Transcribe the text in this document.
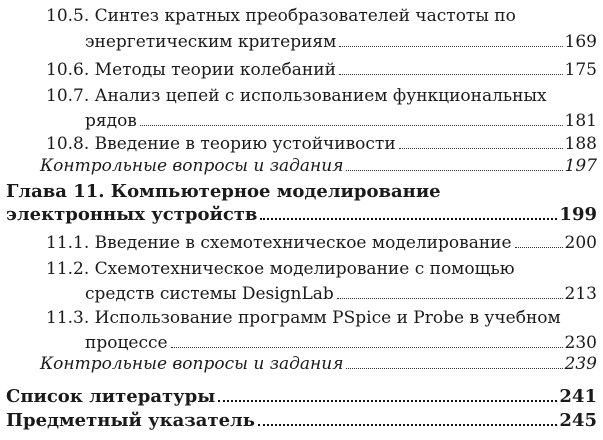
10.5. Синтез кратных преобразователей частоты по
энергетическим критериям	169
10.6. Методы теории колебаний	175
10.7. Анализ цепей с использованием функциональных
рядов	181
10.8. Введение в теорию устойчивости	188
Контрольные вопросы и задания	197
Глава 11. Компьютерное моделирование
электронных устройств	199
11.1. Введение в схемотехническое моделирование	200
11.2. Схемотехническое моделирование с помощью
средств системы DesignLab	213
11.3. Использование программ PSpice и Probe в учебном
процессе	230
Контрольные вопросы и задания	239
Список литературы	241
Предметный указатель	245
